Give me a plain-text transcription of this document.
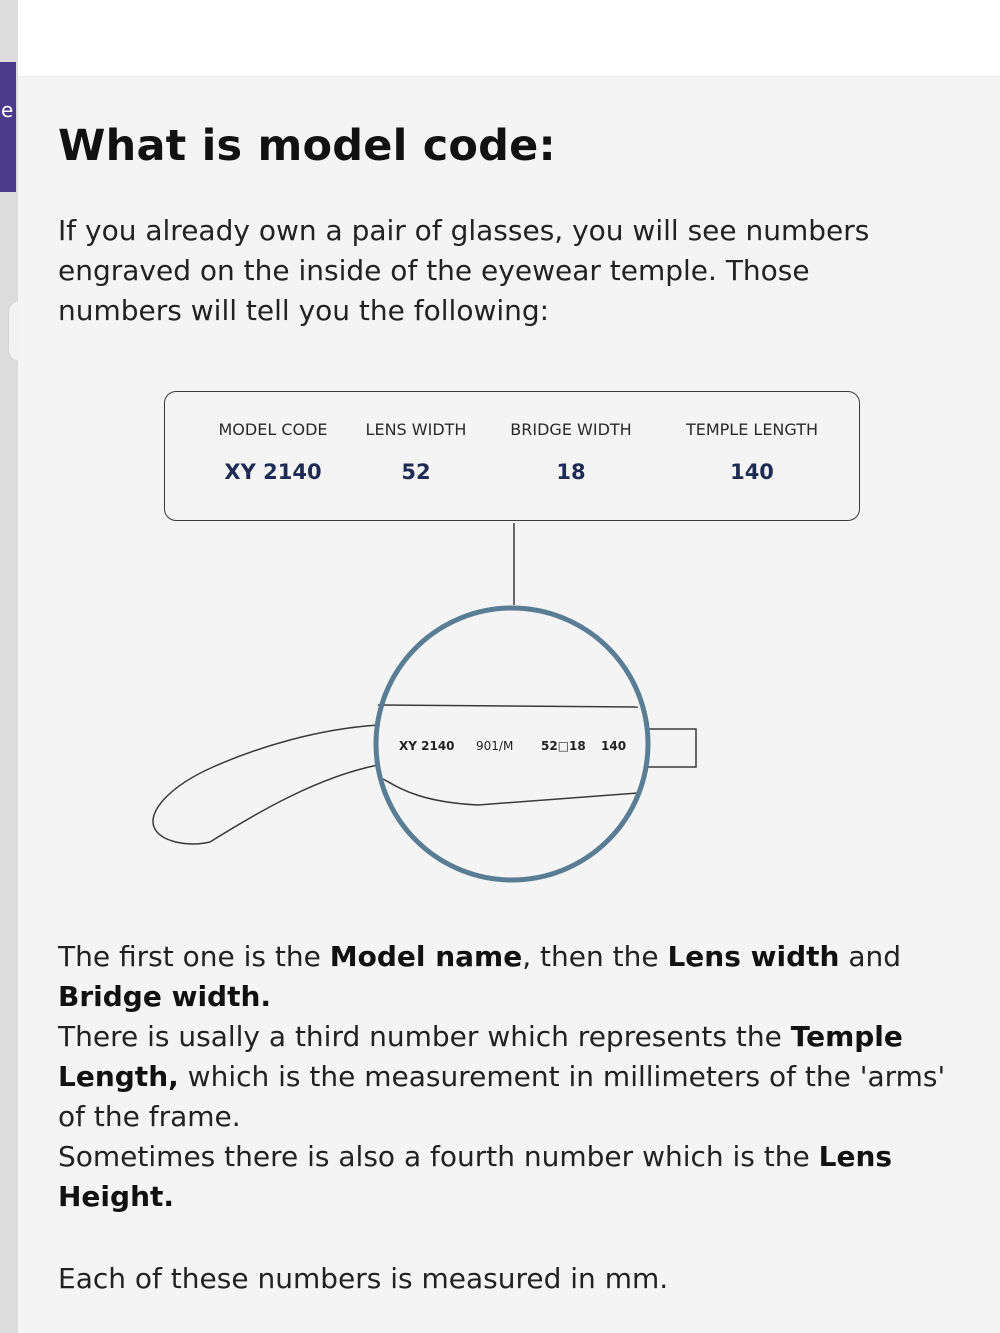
e
What is model code:

If you already own a pair of glasses, you will see numbers engraved on the inside of the eyewear temple. Those numbers will tell you the following:

MODEL CODE
XY 2140
LENS WIDTH
52
BRIDGE WIDTH
18
TEMPLE LENGTH
140
XY 2140 901/M 52□18 140

The first one is the Model name, then the Lens width and Bridge width.

There is usally a third number which represents the Temple Length, which is the measurement in millimeters of the 'arms' of the frame.

Sometimes there is also a fourth number which is the Lens Height.

Each of these numbers is measured in mm.
